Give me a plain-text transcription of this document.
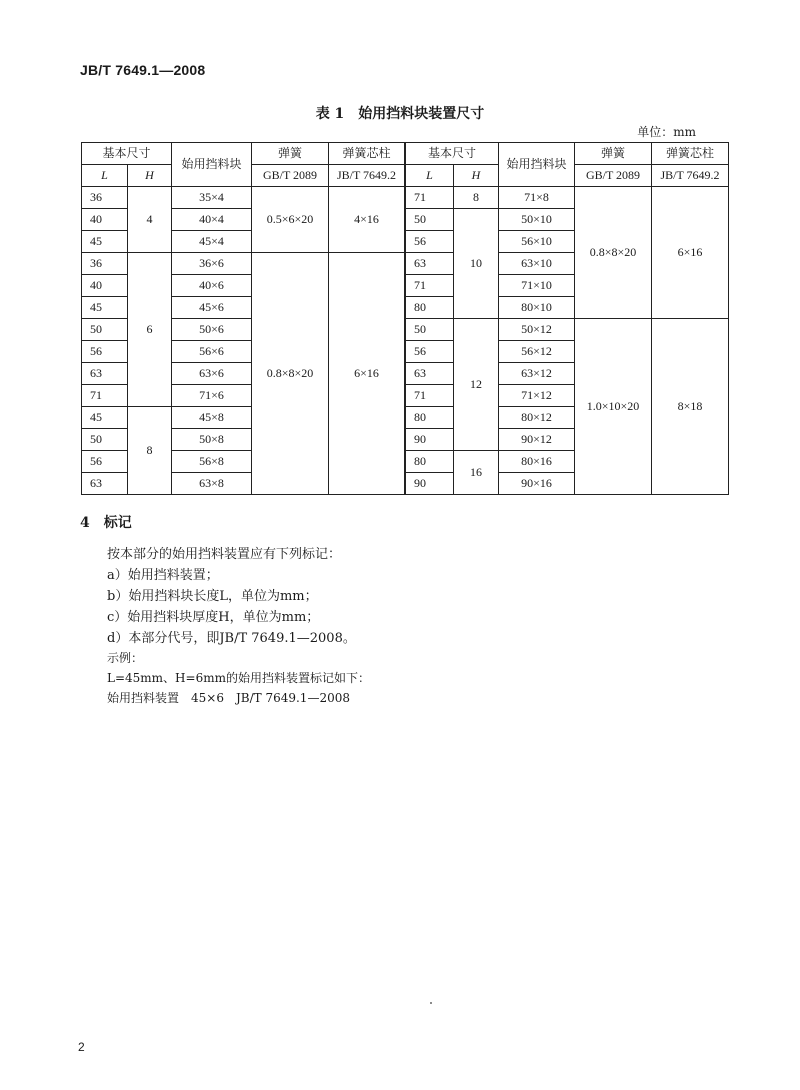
JB/T 7649.1—2008
表 1　始用挡料块装置尺寸
单位：mm
基本尺寸		始用挡料块	弹簧	弹簧芯柱		基本尺寸		始用挡料块	弹簧	弹簧芯柱
L	H		GB/T 2089	JB/T 7649.2	L	H		GB/T 2089	JB/T 7649.2
36	4	35×4	0.5×6×20	4×16	71	8	71×8	0.8×8×20	6×16
40		40×4			50	10	50×10		
45		45×4			56		56×10		
36	6	36×6	0.8×8×20	6×16	63		63×10		
40		40×6			71		71×10		
45		45×6			80		80×10		
50		50×6			50	12	50×12	1.0×10×20	8×18
56		56×6			56		56×12		
63		63×6			63		63×12		
71		71×6			71		71×12		
45	8	45×8			80		80×12		
50		50×8			90		90×12		
56		56×8			80	16	80×16		
63		63×8			90		90×16		
4 标记
按本部分的始用挡料装置应有下列标记：
a）始用挡料装置；
b）始用挡料块长度L，单位为mm；
c）始用挡料块厚度H，单位为mm；
d）本部分代号，即JB/T 7649.1—2008。
示例：
L=45mm、H=6mm的始用挡料装置标记如下：
始用挡料装置　45×6　JB/T 7649.1—2008
2
